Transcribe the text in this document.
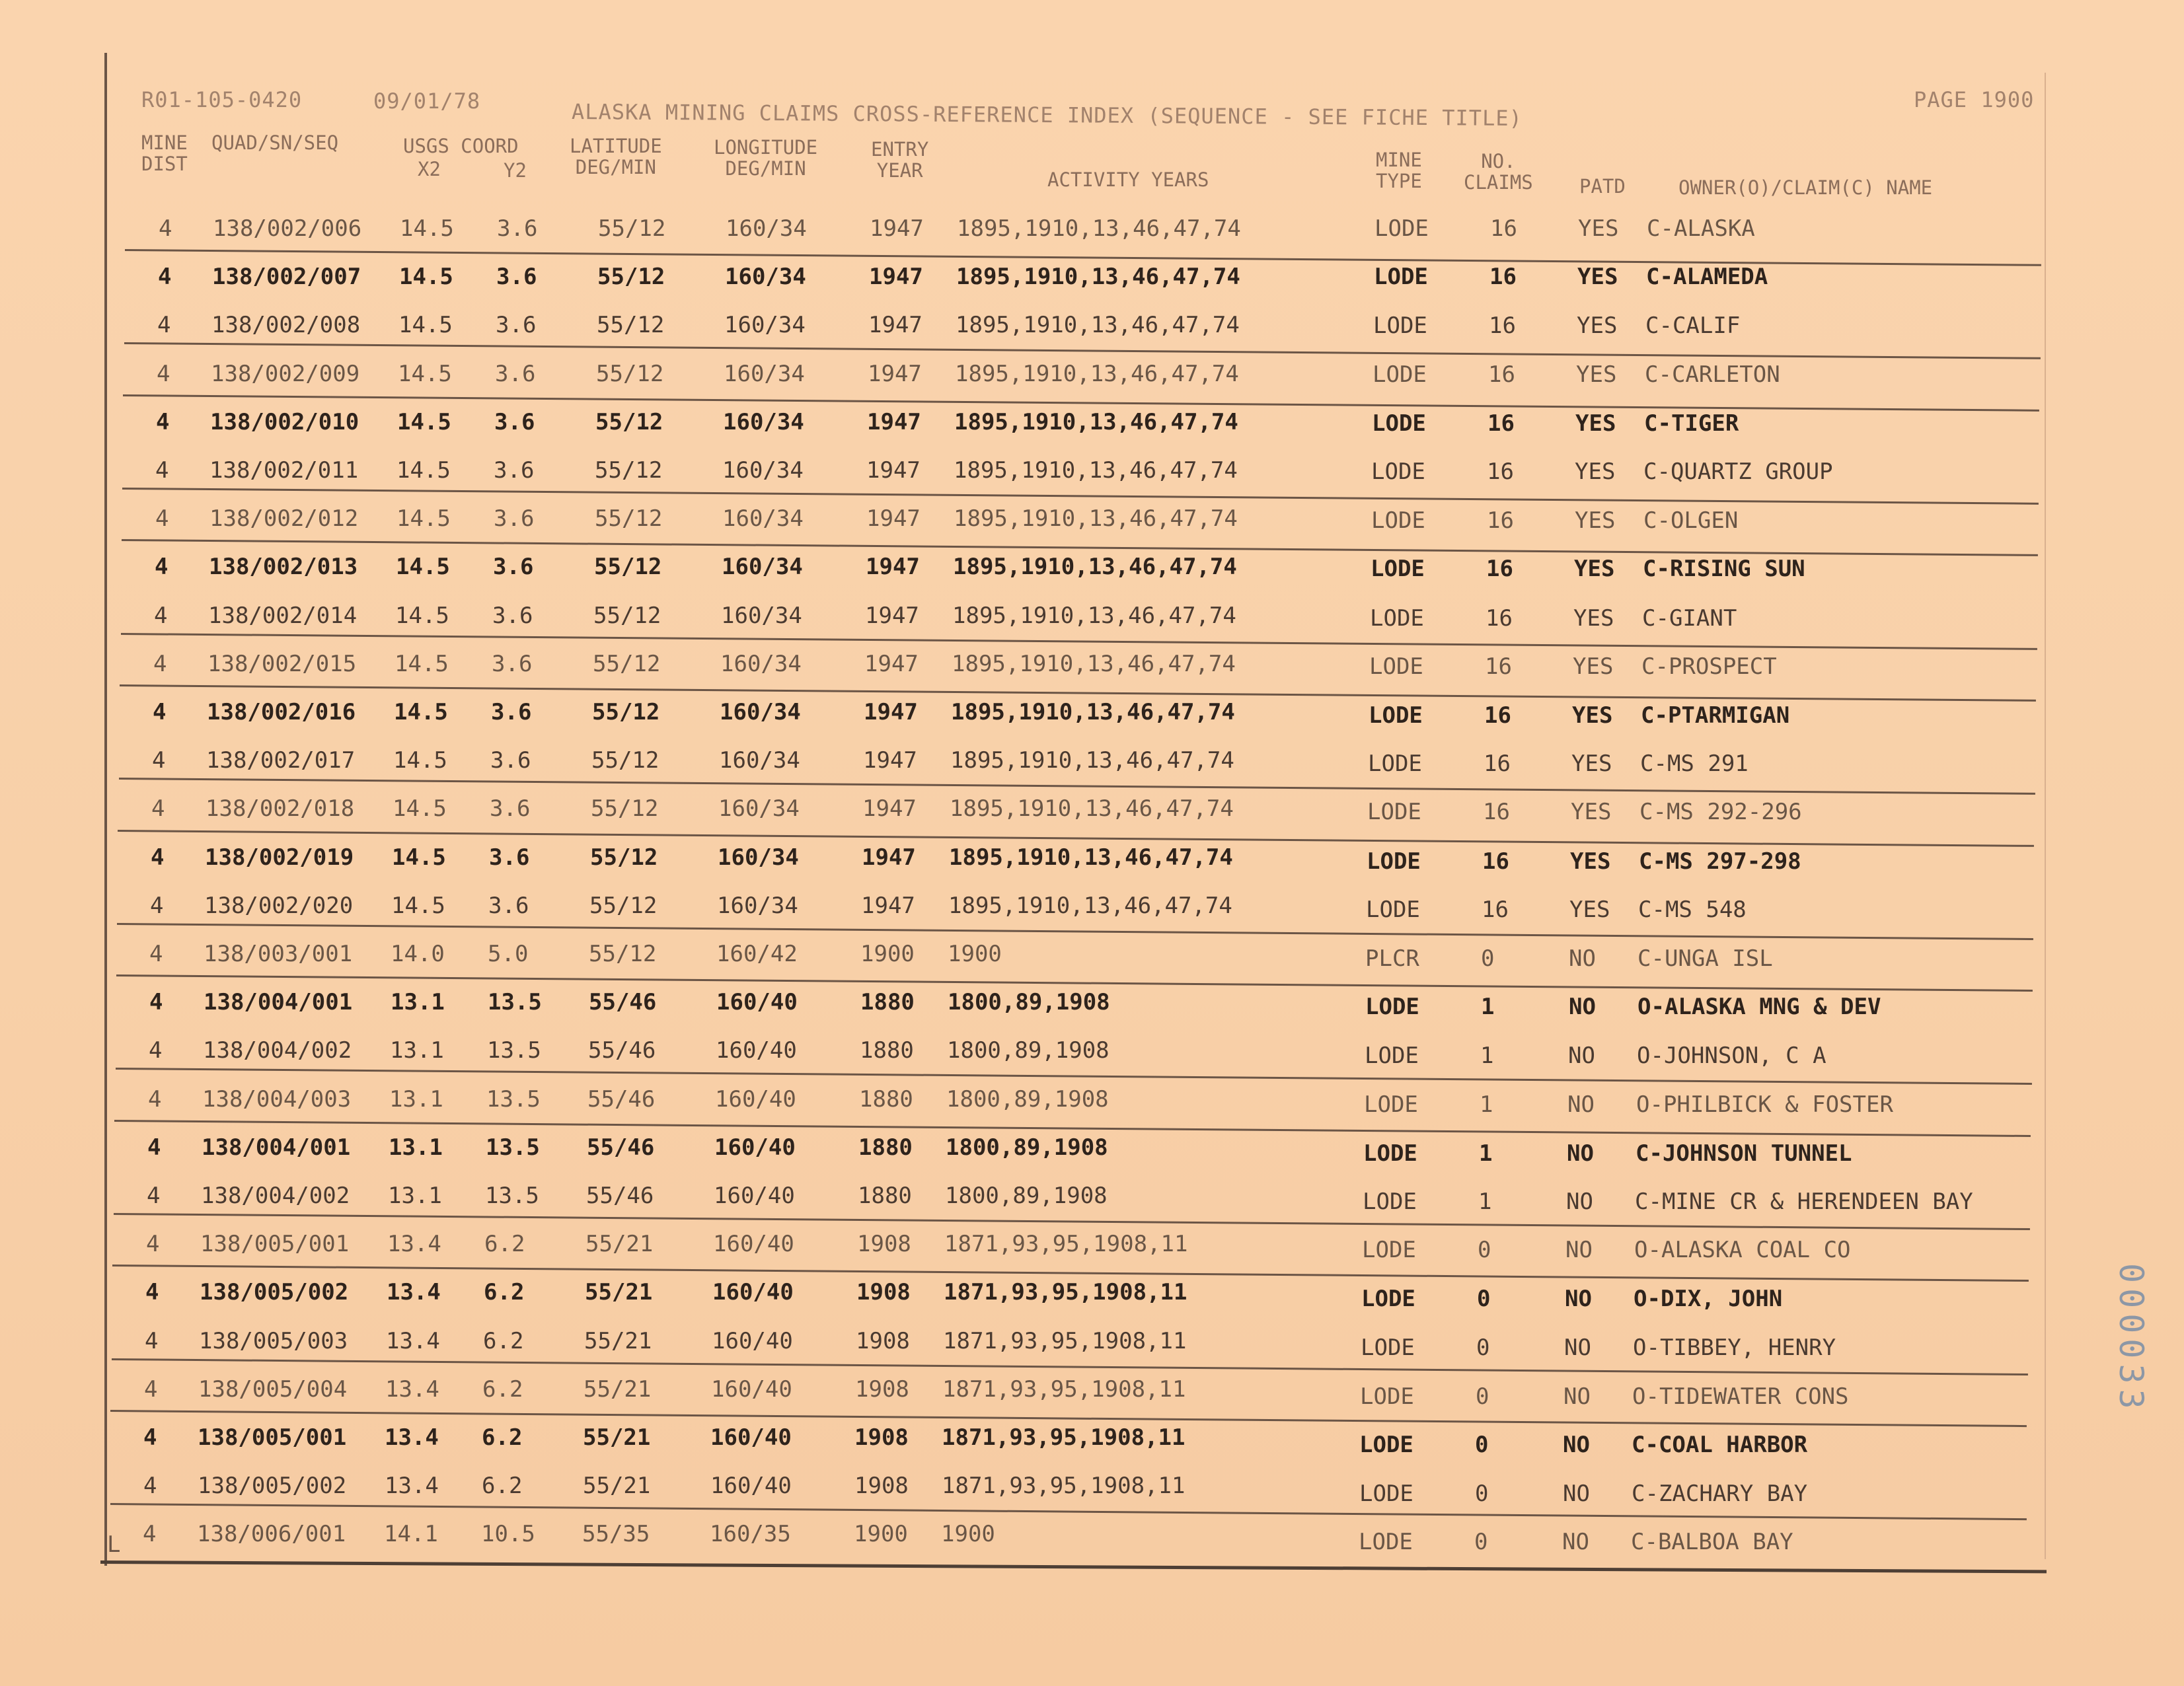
L
R01-105-0420	09/01/78	ALASKA MINING CLAIMS CROSS-REFERENCE INDEX (SEQUENCE - SEE FICHE TITLE)	PAGE 1900
MINE
DIST
QUAD/SN/SEQ	USGS COORD
X2	Y2
LATITUDE
DEG/MIN
LONGITUDE
DEG/MIN
ENTRY
YEAR	ACTIVITY YEARS
MINE
TYPE
NO.
CLAIMS PATD	OWNER(O)/CLAIM(C) NAME
4 138/002/006 14.5 3.6	55/12	160/34	1947 1895,1910,13,46,47,74	LODE	16	YES C-ALASKA
4 138/002/007 14.5 3.6	55/12	160/34	1947 1895,1910,13,46,47,74	LODE	16	YES C-ALAMEDA
4 138/002/008 14.5 3.6	55/12	160/34	1947 1895,1910,13,46,47,74	LODE	16	YES C-CALIF
4 138/002/009 14.5 3.6	55/12	160/34	1947 1895,1910,13,46,47,74	LODE	16	YES C-CARLETON
4 138/002/010 14.5 3.6	55/12	160/34	1947 1895,1910,13,46,47,74	LODE	16	YES C-TIGER
4 138/002/011 14.5 3.6	55/12	160/34	1947 1895,1910,13,46,47,74	LODE	16	YES C-QUARTZ GROUP
4 138/002/012 14.5 3.6	55/12	160/34	1947 1895,1910,13,46,47,74	LODE	16	YES C-OLGEN
4 138/002/013 14.5 3.6	55/12	160/34	1947 1895,1910,13,46,47,74	LODE	16	YES C-RISING SUN
4 138/002/014 14.5 3.6	55/12	160/34	1947 1895,1910,13,46,47,74	LODE	16	YES C-GIANT
4 138/002/015 14.5 3.6	55/12	160/34	1947 1895,1910,13,46,47,74	LODE	16	YES C-PROSPECT
4 138/002/016 14.5 3.6	55/12	160/34	1947 1895,1910,13,46,47,74	LODE	16	YES C-PTARMIGAN
4 138/002/017 14.5 3.6	55/12	160/34	1947 1895,1910,13,46,47,74	LODE	16	YES C-MS 291
4 138/002/018 14.5 3.6	55/12	160/34	1947 1895,1910,13,46,47,74	LODE	16	YES C-MS 292-296
4 138/002/019 14.5 3.6	55/12	160/34	1947 1895,1910,13,46,47,74	LODE	16	YES C-MS 297-298
4 138/002/020 14.5 3.6	55/12	160/34	1947 1895,1910,13,46,47,74	LODE	16	YES C-MS 548
4 138/003/001 14.0 5.0	55/12	160/42	1900 1900	PLCR	0	NO C-UNGA ISL
4 138/004/001 13.1 13.5 55/46	160/40	1880 1800,89,1908	LODE	1	NO O-ALASKA MNG & DEV
4 138/004/002 13.1 13.5 55/46	160/40	1880 1800,89,1908	LODE	1	NO O-JOHNSON, C A
4 138/004/003 13.1 13.5 55/46	160/40	1880 1800,89,1908	LODE	1	NO O-PHILBICK & FOSTER
4 138/004/001 13.1 13.5 55/46	160/40	1880 1800,89,1908	LODE	1	NO C-JOHNSON TUNNEL
4 138/004/002 13.1 13.5 55/46	160/40	1880 1800,89,1908	LODE	1	NO C-MINE CR & HERENDEEN BAY
4 138/005/001 13.4 6.2	55/21	160/40	1908 1871,93,95,1908,11	LODE	0	NO O-ALASKA COAL CO
4 138/005/002 13.4 6.2	55/21	160/40	1908 1871,93,95,1908,11	LODE	0	NO O-DIX, JOHN
4 138/005/003 13.4 6.2	55/21	160/40	1908 1871,93,95,1908,11	LODE	0	NO O-TIBBEY, HENRY
4 138/005/004 13.4 6.2	55/21	160/40	1908 1871,93,95,1908,11	LODE	0	NO O-TIDEWATER CONS
4 138/005/001 13.4 6.2	55/21	160/40	1908 1871,93,95,1908,11	LODE	0	NO C-COAL HARBOR
4 138/005/002 13.4 6.2	55/21	160/40	1908 1871,93,95,1908,11	LODE	0	NO C-ZACHARY BAY
4 138/006/001 14.1 10.5 55/35	160/35	1900 1900	LODE	0	NO C-BALBOA BAY
000033
